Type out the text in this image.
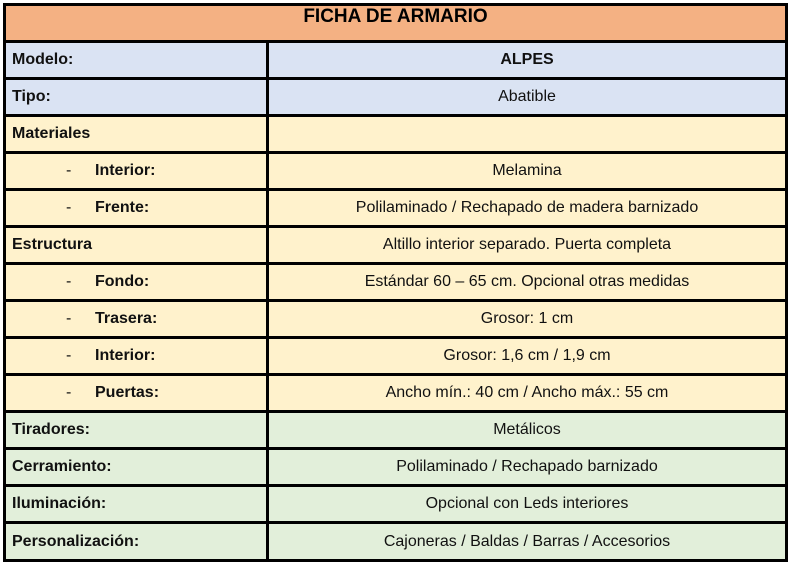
FICHA DE ARMARIO
Modelo:	ALPES
Tipo:	Abatible
Materiales
-	Interior:	Melamina
-	Frente:	Polilaminado / Rechapado de madera barnizado
Estructura	Altillo interior separado. Puerta completa
-	Fondo:	Estándar 60 – 65 cm. Opcional otras medidas
-	Trasera:	Grosor: 1 cm
-	Interior:	Grosor: 1,6 cm / 1,9 cm
-	Puertas:	Ancho mín.: 40 cm / Ancho máx.: 55 cm
Tiradores:	Metálicos
Cerramiento:	Polilaminado / Rechapado barnizado
Iluminación:	Opcional con Leds interiores
Personalización:	Cajoneras / Baldas / Barras / Accesorios
